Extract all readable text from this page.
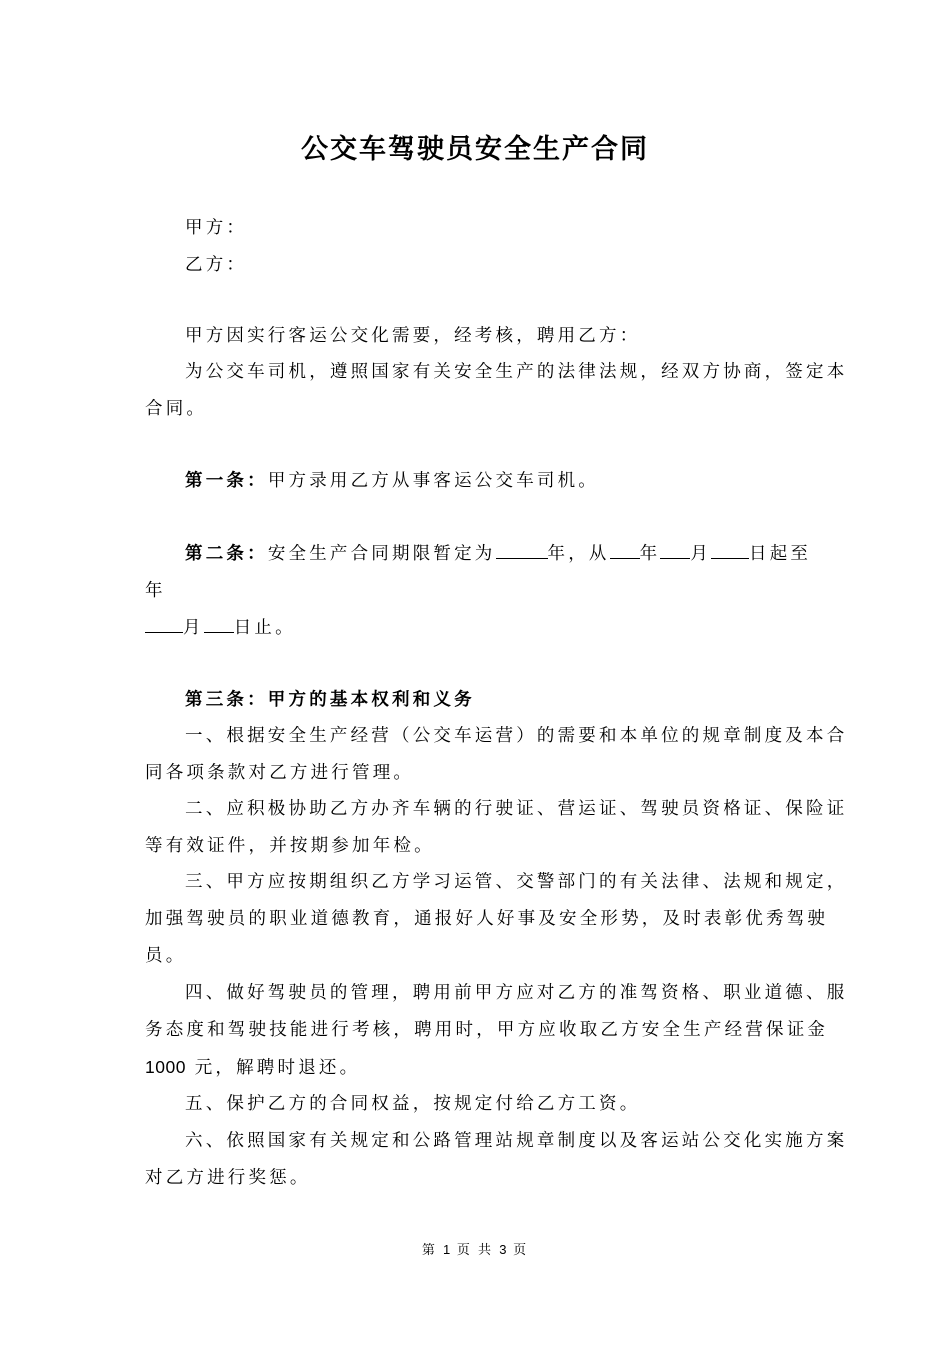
公交车驾驶员安全生产合同
甲方：
乙方：
甲方因实行客运公交化需要，经考核，聘用乙方：
为公交车司机，遵照国家有关安全生产的法律法规，经双方协商，签定本
合同。
第一条：甲方录用乙方从事客运公交车司机。
第二条：安全生产合同期限暂定为	年，从 年 月 日起至
年
月 日止。
第三条：甲方的基本权利和义务
一、根据安全生产经营（公交车运营）的需要和本单位的规章制度及本合
同各项条款对乙方进行管理。
二、应积极协助乙方办齐车辆的行驶证、营运证、驾驶员资格证、保险证
等有效证件，并按期参加年检。
三、甲方应按期组织乙方学习运管、交警部门的有关法律、法规和规定，
加强驾驶员的职业道德教育，通报好人好事及安全形势，及时表彰优秀驾驶
员。
四、做好驾驶员的管理，聘用前甲方应对乙方的准驾资格、职业道德、服
务态度和驾驶技能进行考核，聘用时，甲方应收取乙方安全生产经营保证金
1000 元，解聘时退还。
五、保护乙方的合同权益，按规定付给乙方工资。
六、依照国家有关规定和公路管理站规章制度以及客运站公交化实施方案
对乙方进行奖惩。
第 1 页 共 3 页
